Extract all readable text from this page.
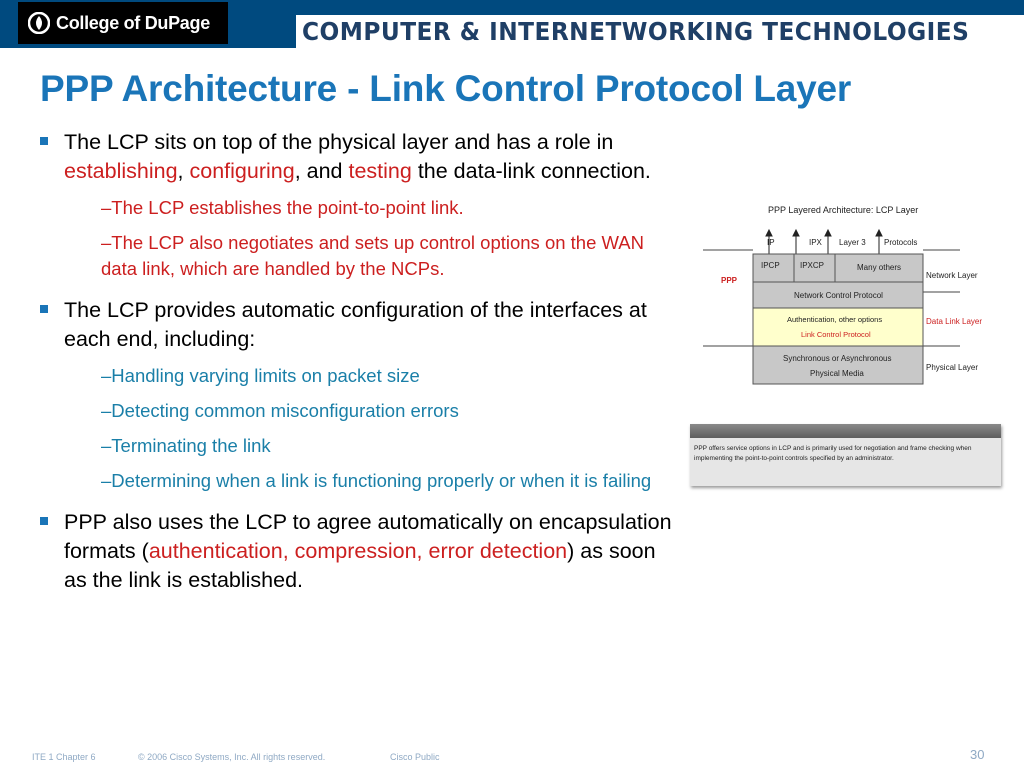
College of DuPage	COMPUTER & INTERNETWORKING TECHNOLOGIES
PPP Architecture - Link Control Protocol Layer
The LCP sits on top of the physical layer and has a role in establishing, configuring, and testing the data-link connection.
–The LCP establishes the point-to-point link.
–The LCP also negotiates and sets up control options on the WAN data link, which are handled by the NCPs.
The LCP provides automatic configuration of the interfaces at each end, including:
–Handling varying limits on packet size
–Detecting common misconfiguration errors
–Terminating the link
–Determining when a link is functioning properly or when it is failing
PPP also uses the LCP to agree automatically on encapsulation formats (authentication, compression, error detection) as soon as the link is established.
PPP Layered Architecture: LCP Layer
IP	IPX Layer 3 Protocols
PPP
IPCP	IPXCP	Many others
Network Control Protocol
Authentication, other options
Link Control Protocol
Synchronous or Asynchronous
Physical Media
Network Layer
Data Link Layer
Physical Layer
PPP offers service options in LCP and is primarily used for negotiation and frame checking when implementing the point-to-point controls specified by an administrator.
ITE 1 Chapter 6	© 2006 Cisco Systems, Inc. All rights reserved.	Cisco Public	30
